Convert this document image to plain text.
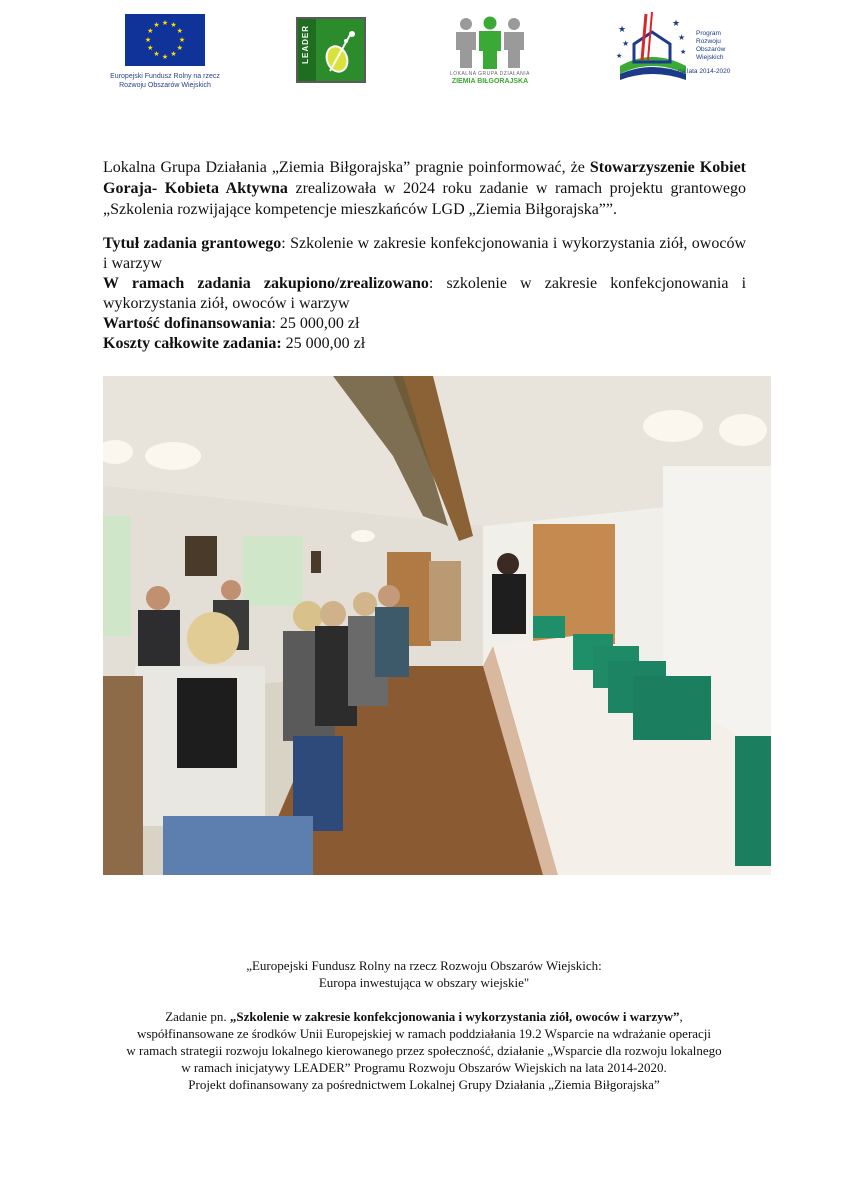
★ ★
★
★
★
★
★
★
★
★
★
★
Europejski Fundusz Rolny na rzecz
Rozwoju Obszarów Wiejskich
LEADER
LOKALNA GRUPA DZIAŁANIA
ZIEMIA BIŁGORAJSKA
★
★
★
★
★	★
Program
Rozwoju
Obszarów
Wiejskich
na lata 2014-2020

Lokalna Grupa Działania „Ziemia Biłgorajska” pragnie poinformować, że Stowarzyszenie Kobiet Goraja- Kobieta Aktywna zrealizowała w 2024 roku zadanie w ramach projektu grantowego „Szkolenia rozwijające kompetencje mieszkańców LGD „Ziemia Biłgorajska””.

Tytuł zadania grantowego: Szkolenie w zakresie konfekcjonowania i wykorzystania ziół, owoców i warzyw

W ramach zadania zakupiono/zrealizowano: szkolenie w zakresie konfekcjonowania i wykorzystania ziół, owoców i warzyw

Wartość dofinansowania: 25 000,00 zł

Koszty całkowite zadania: 25 000,00 zł

„Europejski Fundusz Rolny na rzecz Rozwoju Obszarów Wiejskich:

Europa inwestująca w obszary wiejskie"

Zadanie pn. „Szkolenie w zakresie konfekcjonowania i wykorzystania ziół, owoców i warzyw”,

współfinansowane ze środków Unii Europejskiej w ramach poddziałania 19.2 Wsparcie na wdrażanie operacji

w ramach strategii rozwoju lokalnego kierowanego przez społeczność, działanie „Wsparcie dla rozwoju lokalnego

w ramach inicjatywy LEADER” Programu Rozwoju Obszarów Wiejskich na lata 2014-2020.

Projekt dofinansowany za pośrednictwem Lokalnej Grupy Działania „Ziemia Biłgorajska”
